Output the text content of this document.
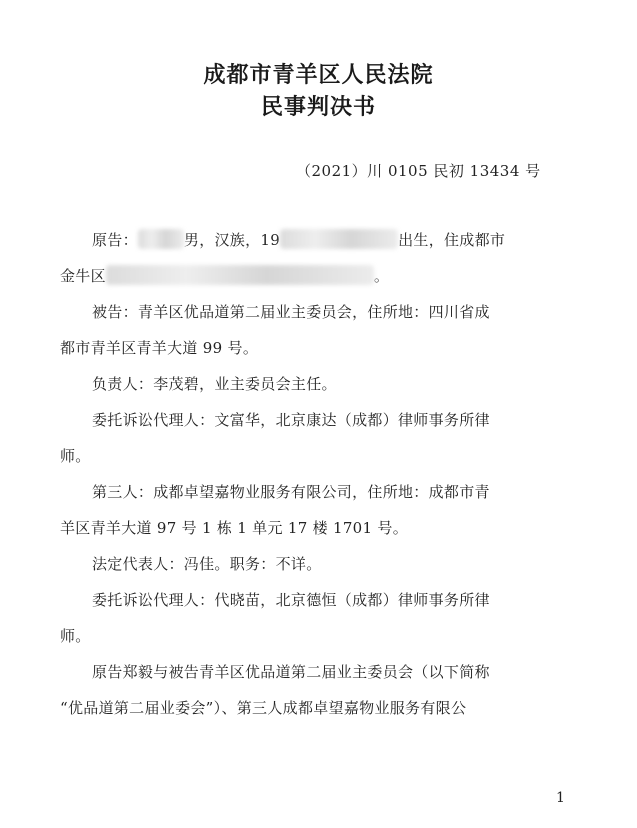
成都市青羊区人民法院
民事判决书
（2021）川 0105 民初 13434 号
原告：	男，汉族，19	出生，住成都市
金牛区	。
被告：青羊区优品道第二届业主委员会，住所地：四川省成
都市青羊区青羊大道 99 号。
负责人：李茂碧，业主委员会主任。
委托诉讼代理人：文富华，北京康达（成都）律师事务所律
师。
第三人：成都卓望嘉物业服务有限公司，住所地：成都市青
羊区青羊大道 97 号 1 栋 1 单元 17 楼 1701 号。
法定代表人：冯佳。职务：不详。
委托诉讼代理人：代晓苗，北京德恒（成都）律师事务所律
师。
原告郑毅与被告青羊区优品道第二届业主委员会（以下简称
“优品道第二届业委会”）、第三人成都卓望嘉物业服务有限公
1
